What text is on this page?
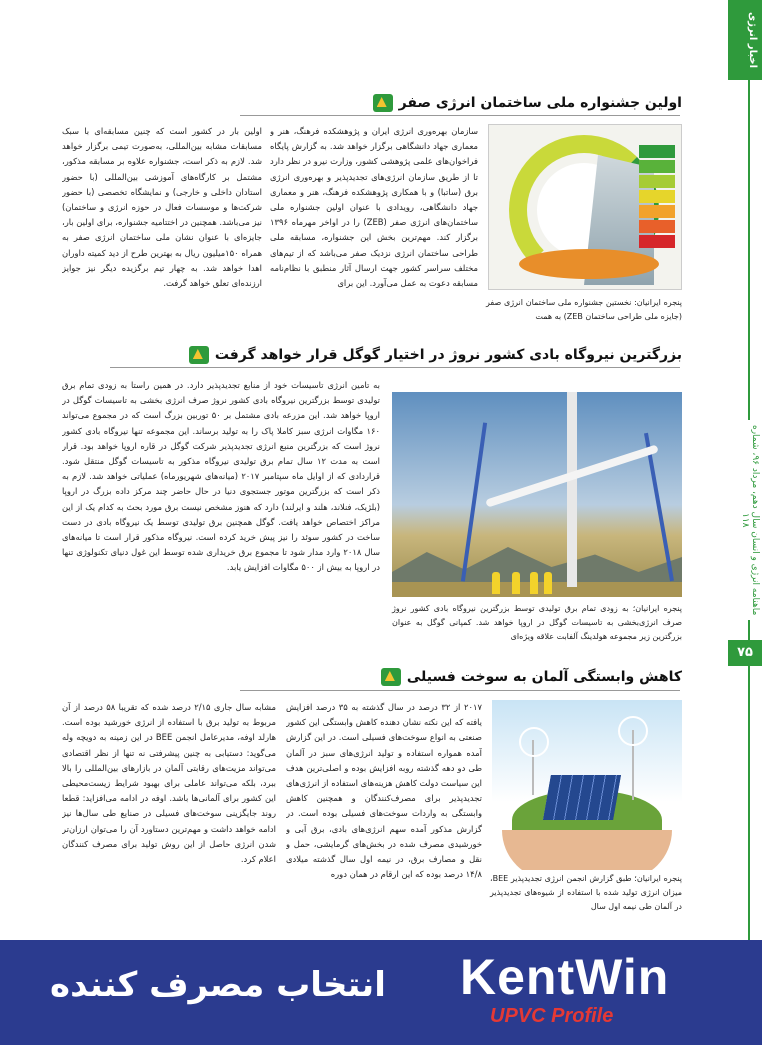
اخبار انرژی
ماهنامه انرژی و انسان سال دهم، مرداد ۹۶، شماره ۱۱۸
۷۵
اولین جشنواره ملی ساختمان انرژی صفر
پنجره ایرانیان: نخستین جشنواره ملی ساختمان انرژی صفر (جایزه ملی طراحی ساختمان ZEB) به همت
سازمان بهره‌وری انرژی ایران و پژوهشکده فرهنگ، هنر و معماری جهاد دانشگاهی برگزار خواهد شد. به گزارش پایگاه فراخوان‌های علمی پژوهشی کشور، وزارت نیرو در نظر دارد تا از طریق سازمان انرژی‌های تجدیدپذیر و بهره‌وری انرژی برق (ساتبا) و با همکاری پژوهشکده فرهنگ، هنر و معماری جهاد دانشگاهی، رویدادی با عنوان اولین جشنواره ملی ساختمان‌های انرژی صفر (ZEB) را در اواخر مهرماه ۱۳۹۶ برگزار کند. مهم‌ترین بخش این جشنواره، مسابقه ملی طراحی ساختمان انرژی نزدیک صفر می‌باشد که از تیم‌های مختلف سراسر کشور جهت ارسال آثار منطبق با نظام‌نامه مسابقه دعوت به عمل می‌آورد. این برای
اولین بار در کشور است که چنین مسابقه‌ای با سبک مسابقات مشابه بین‌المللی، به‌صورت تیمی برگزار خواهد شد. لازم به ذکر است، جشنواره علاوه بر مسابقه مذکور، مشتمل بر کارگاه‌های آموزشی بین‌المللی (با حضور استادان داخلی و خارجی) و نمایشگاه تخصصی (با حضور شرکت‌ها و موسسات فعال در حوزه انرژی و ساختمان) نیز می‌باشد. همچنین در اختتامیه جشنواره، برای اولین بار، جایزه‌ای با عنوان نشان ملی ساختمان انرژی صفر به همراه ۱۵۰میلیون ریال به بهترین طرح از دید کمیته داوران اهدا خواهد شد. به چهار تیم برگزیده دیگر نیز جوایز ارزنده‌ای تعلق خواهد گرفت.
بزرگترین نیروگاه بادی کشور نروژ در اختیار گوگل قرار خواهد گرفت
پنجره ایرانیان؛ به زودی تمام برق تولیدی توسط بزرگترین نیروگاه بادی کشور نروژ صرف انرژی‌بخشی به تاسیسات گوگل در اروپا خواهد شد. کمپانی گوگل به عنوان بزرگترین زیر مجموعه هولدینگ آلفابت علاقه ویژه‌ای
به تامین انرژی تاسیسات خود از منابع تجدیدپذیر دارد. در همین راستا به زودی تمام برق تولیدی توسط بزرگترین نیروگاه بادی کشور نروژ صرف انرژی بخشی به تاسیسات گوگل در اروپا خواهد شد. این مزرعه بادی مشتمل بر ۵۰ توربین بزرگ است که در مجموع می‌تواند ۱۶۰ مگاوات انرژی سبز کاملا پاک را به تولید برساند. این مجموعه تنها نیروگاه بادی کشور نروژ است که بزرگترین منبع انرژی تجدیدپذیر شرکت گوگل در قاره اروپا خواهد بود. قرار است به مدت ۱۲ سال تمام برق تولیدی نیروگاه مذکور به تاسیسات گوگل منتقل شود. قراردادی که از اوایل ماه سپتامبر ۲۰۱۷ (میانه‌های شهریورماه) عملیاتی خواهد شد. لازم به ذکر است که بزرگترین موتور جستجوی دنیا در حال حاضر چند مرکز داده بزرگ در اروپا (بلژیک، فنلاند، هلند و ایرلند) دارد که هنوز مشخص نیست برق مورد بحث به کدام یک از این مراکز اختصاص خواهد یافت. گوگل همچنین برق تولیدی توسط یک نیروگاه بادی در دست ساخت در کشور سوئد را نیز پیش خرید کرده است. نیروگاه مذکور قرار است تا میانه‌های سال ۲۰۱۸ وارد مدار شود تا مجموع برق خریداری شده توسط این غول دنیای تکنولوژی تنها در اروپا به بیش از ۵۰۰ مگاوات افزایش یابد.
کاهش وابستگی آلمان به سوخت فسیلی
پنجره ایرانیان؛ طبق گزارش انجمن انرژی تجدیدپذیر BEE، میزان انرژی تولید شده با استفاده از شیوه‌های تجدیدپذیر در آلمان طی نیمه اول سال
۲۰۱۷ از ۳۲ درصد در سال گذشته به ۳۵ درصد افزایش یافته که این نکته نشان دهنده کاهش وابستگی این کشور صنعتی به انواع سوخت‌های فسیلی است. در این گزارش آمده همواره استفاده و تولید انرژی‌های سبز در آلمان طی دو دهه گذشته روبه افزایش بوده و اصلی‌ترین هدف این سیاست دولت کاهش هزینه‌های استفاده از انرژی‌های تجدیدپذیر برای مصرف‌کنندگان و همچنین کاهش وابستگی به واردات سوخت‌های فسیلی بوده است. در گزارش مذکور آمده سهم انرژی‌های بادی، برق آبی و خورشیدی مصرف شده در بخش‌های گرمایشی، حمل و نقل و مصارف برق، در نیمه اول سال گذشته میلادی ۱۴/۸ درصد بوده که این ارقام در همان دوره
مشابه سال جاری ۲/۱۵ درصد شده که تقریبا ۵۸ درصد از آن مربوط به تولید برق با استفاده از انرژی خورشید بوده است. هارلد اوفه، مدیرعامل انجمن BEE در این زمینه به دویچه وله می‌گوید: دستیابی به چنین پیشرفتی نه تنها از نظر اقتصادی می‌تواند مزیت‌های رقابتی آلمان در بازارهای بین‌المللی را بالا ببرد، بلکه می‌تواند عاملی برای بهبود شرایط زیست‌محیطی این کشور برای آلمانی‌ها باشد. اوفه در ادامه می‌افزاید: قطعا روند جایگزینی سوخت‌های فسیلی در صنایع طی سال‌ها نیز ادامه خواهد داشت و مهم‌ترین دستاورد آن را می‌توان ارزان‌تر شدن انرژی حاصل از این روش تولید برای مصرف کنندگان اعلام کرد.
انتخاب مصرف کننده KentWin
UPVC Profile
